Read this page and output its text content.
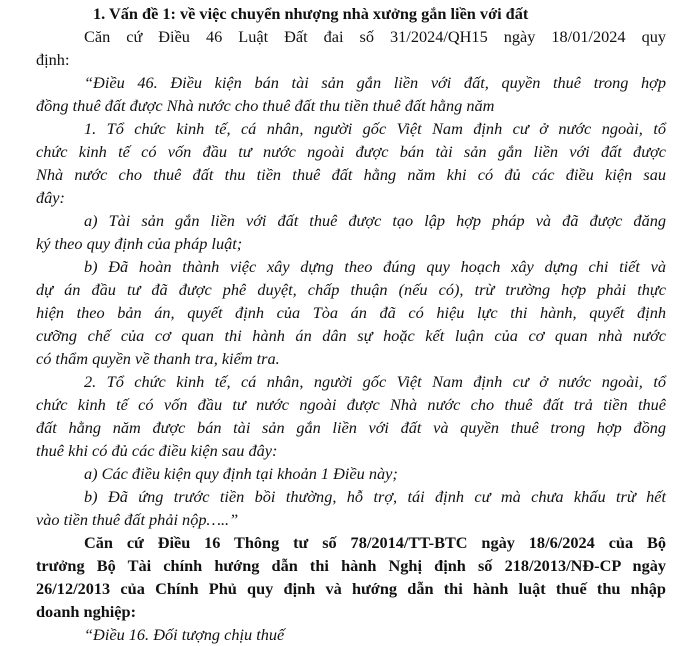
1. Vấn đề 1: về việc chuyển nhượng nhà xưởng gắn liền với đất
Căn cứ Điều 46 Luật Đất đai số 31/2024/QH15 ngày 18/01/2024 quy
định:
“Điều 46. Điều kiện bán tài sản gắn liền với đất, quyền thuê trong hợp
đồng thuê đất được Nhà nước cho thuê đất thu tiền thuê đất hằng năm
1. Tổ chức kinh tế, cá nhân, người gốc Việt Nam định cư ở nước ngoài, tổ
chức kinh tế có vốn đầu tư nước ngoài được bán tài sản gắn liền với đất được
Nhà nước cho thuê đất thu tiền thuê đất hằng năm khi có đủ các điều kiện sau
đây:
a) Tài sản gắn liền với đất thuê được tạo lập hợp pháp và đã được đăng
ký theo quy định của pháp luật;
b) Đã hoàn thành việc xây dựng theo đúng quy hoạch xây dựng chi tiết và
dự án đầu tư đã được phê duyệt, chấp thuận (nếu có), trừ trường hợp phải thực
hiện theo bản án, quyết định của Tòa án đã có hiệu lực thi hành, quyết định
cưỡng chế của cơ quan thi hành án dân sự hoặc kết luận của cơ quan nhà nước
có thẩm quyền về thanh tra, kiểm tra.
2. Tổ chức kinh tế, cá nhân, người gốc Việt Nam định cư ở nước ngoài, tổ
chức kinh tế có vốn đầu tư nước ngoài được Nhà nước cho thuê đất trả tiền thuê
đất hằng năm được bán tài sản gắn liền với đất và quyền thuê trong hợp đồng
thuê khi có đủ các điều kiện sau đây:
a) Các điều kiện quy định tại khoản 1 Điều này;
b) Đã ứng trước tiền bồi thường, hỗ trợ, tái định cư mà chưa khấu trừ hết
vào tiền thuê đất phải nộp…..”
Căn cứ Điều 16 Thông tư số 78/2014/TT-BTC ngày 18/6/2024 của Bộ
trưởng Bộ Tài chính hướng dẫn thi hành Nghị định số 218/2013/NĐ-CP ngày
26/12/2013 của Chính Phủ quy định và hướng dẫn thi hành luật thuế thu nhập
doanh nghiệp:
“Điều 16. Đối tượng chịu thuế
